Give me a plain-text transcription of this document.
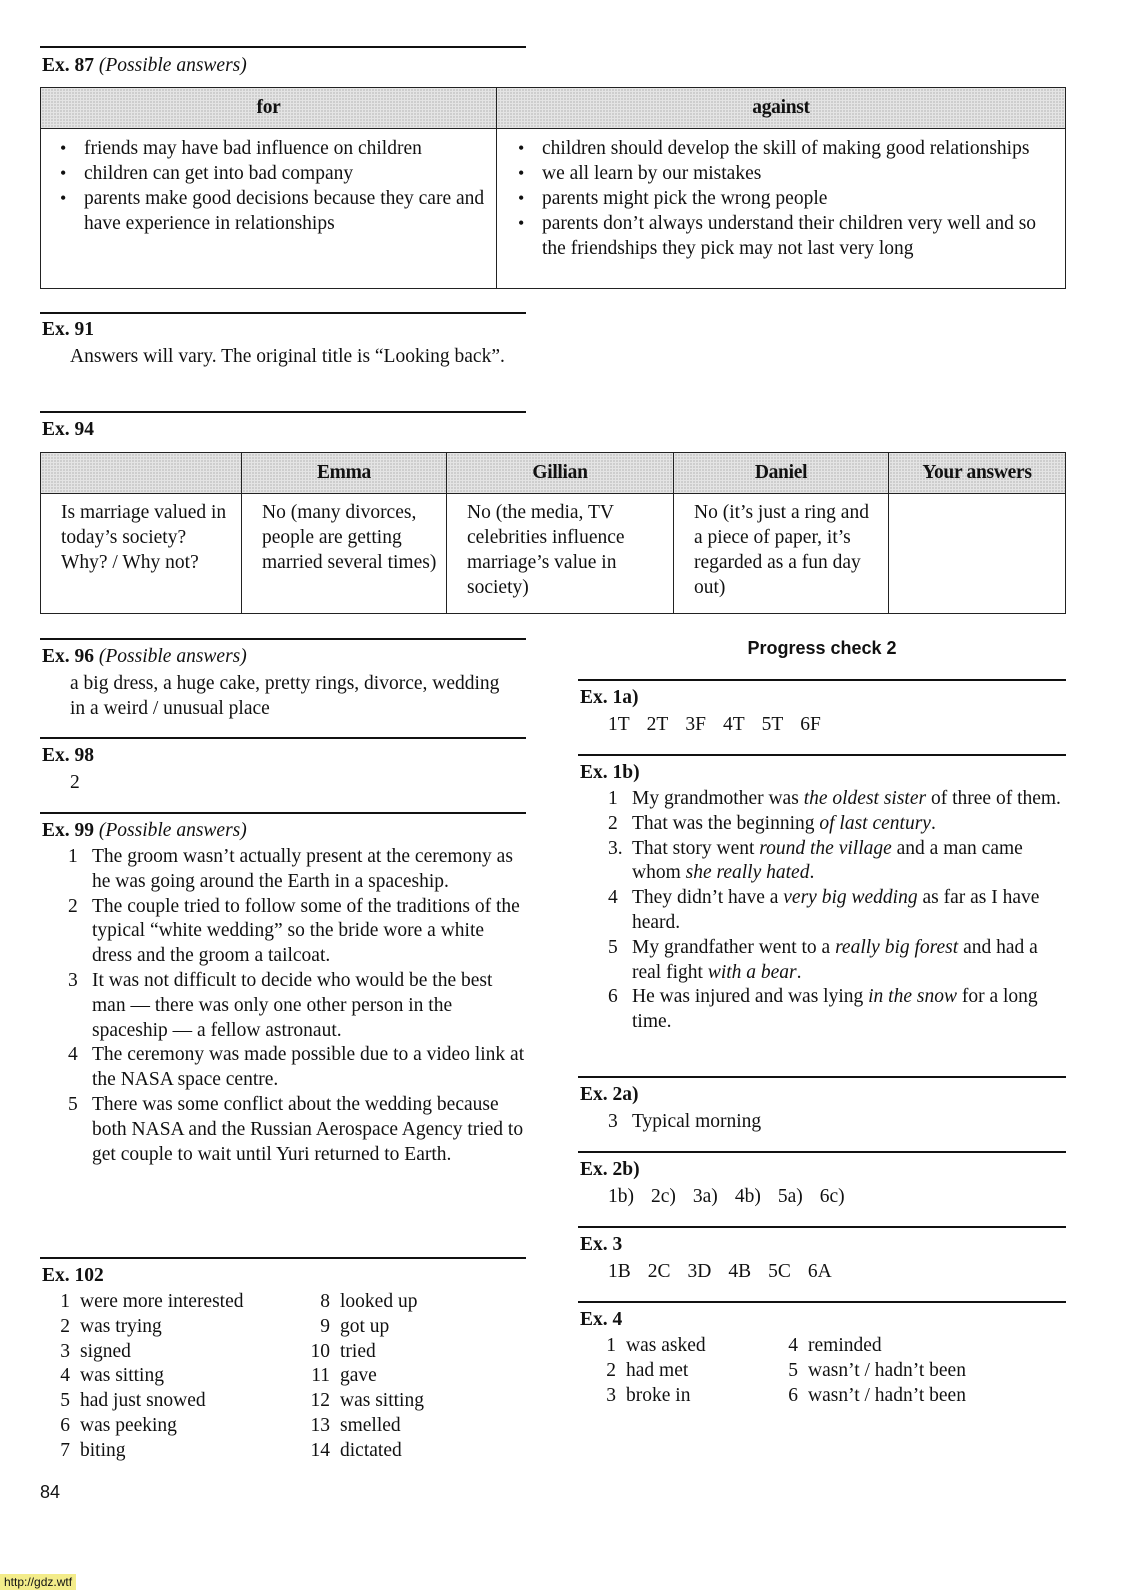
Ex. 87 (Possible answers)
for	against

• friends may have bad influence on children
• children can get into bad company
• parents make good decisions because they care and have experience in relationships

• children should develop the skill of making good relationships
• we all learn by our mistakes
• parents might pick the wrong people
• parents don’t always understand their children very well and so the friendships they pick may not last very long
Ex. 91
Answers will vary. The original title is “Looking back”.
Ex. 94
	Emma	Gillian	Daniel	Your answers
Is marriage valued in today’s society? Why? / Why not?	No (many divorces, people are getting married several times)	No (the media, TV celebrities influence marriage’s value in society)	No (it’s just a ring and a piece of paper, it’s regarded as a fun day out)	
Ex. 96 (Possible answers)
a big dress, a huge cake, pretty rings, divorce, wedding in a weird / unusual place
Ex. 98
2
Ex. 99 (Possible answers)
1 The groom wasn’t actually present at the ceremony as he was going around the Earth in a spaceship.
2 The couple tried to follow some of the traditions of the typical “white wedding” so the bride wore a white dress and the groom a tailcoat.
3 It was not difficult to decide who would be the best man — there was only one other person in the spaceship — a fellow astronaut.
4 The ceremony was made possible due to a video link at the NASA space centre.
5 There was some conflict about the wedding because both NASA and the Russian Aerospace Agency tried to get couple to wait until Yuri returned to Earth.
Ex. 102
1 were more interested	8 looked up
2 was trying	9 got up
3 signed	10 tried
4 was sitting	11 gave
5 had just snowed	12 was sitting
6 was peeking	13 smelled
7 biting	14 dictated
Progress check 2
Ex. 1a)
1T 2T 3F 4T 5T 6F
Ex. 1b)
1 My grandmother was the oldest sister of three of them.
2 That was the beginning of last century.
3. That story went round the village and a man came whom she really hated.
4 They didn’t have a very big wedding as far as I have heard.
5 My grandfather went to a really big forest and had a real fight with a bear.
6 He was injured and was lying in the snow for a long time.
Ex. 2a)
3 Typical morning
Ex. 2b)
1b) 2c) 3a) 4b) 5a) 6c)
Ex. 3
1B 2C 3D 4B 5C 6A
Ex. 4
1 was asked	4 reminded
2 had met	5 wasn’t / hadn’t been
3 broke in	6 wasn’t / hadn’t been
84
http://gdz.wtf
